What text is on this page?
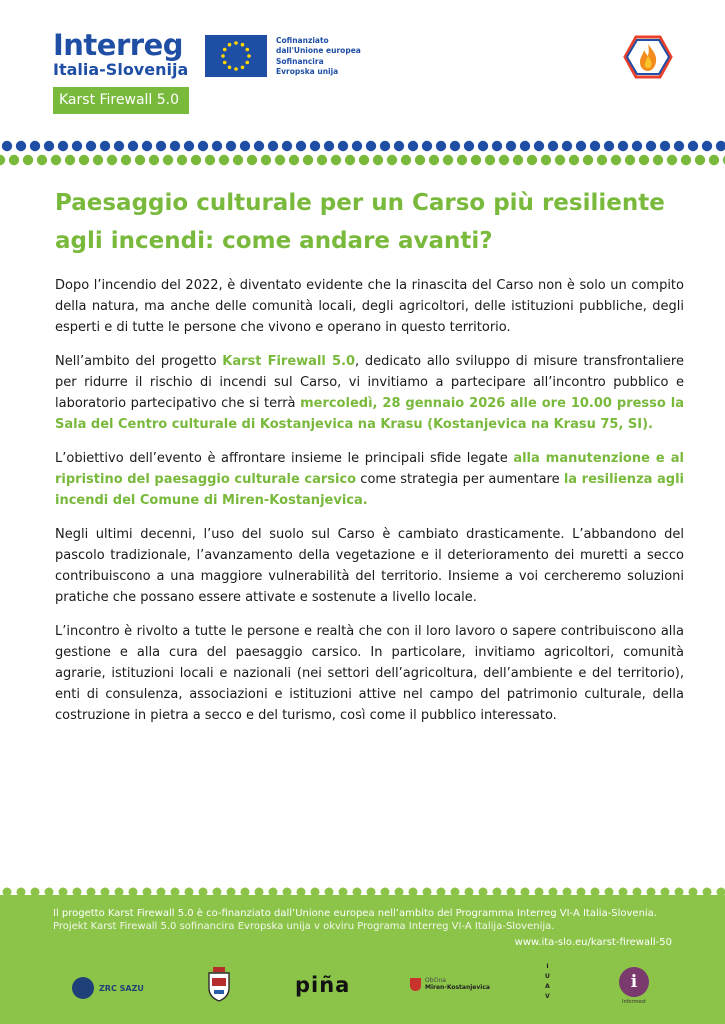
Interreg
Italia-Slovenija
Cofinanziato
dall'Unione europea
Sofinancira
Evropska unija
Karst Firewall 5.0
Paesaggio culturale per un Carso più resiliente agli incendi: come andare avanti?

Dopo l’incendio del 2022, è diventato evidente che la rinascita del Carso non è solo un compito della natura, ma anche delle comunità locali, degli agricoltori, delle istituzioni pubbliche, degli esperti e di tutte le persone che vivono e operano in questo territorio.

Nell’ambito del progetto Karst Firewall 5.0, dedicato allo sviluppo di misure transfrontaliere per ridurre il rischio di incendi sul Carso, vi invitiamo a partecipare all’incontro pubblico e laboratorio partecipativo che si terrà mercoledì, 28 gennaio 2026 alle ore 10.00 presso la Sala del Centro culturale di Kostanjevica na Krasu (Kostanjevica na Krasu 75, SI).

L’obiettivo dell’evento è affrontare insieme le principali sfide legate alla manutenzione e al ripristino del paesaggio culturale carsico come strategia per aumentare la resilienza agli incendi del Comune di Miren-Kostanjevica.

Negli ultimi decenni, l’uso del suolo sul Carso è cambiato drasticamente. L’abbandono del pascolo tradizionale, l’avanzamento della vegetazione e il deterioramento dei muretti a secco contribuiscono a una maggiore vulnerabilità del territorio. Insieme a voi cercheremo soluzioni pratiche che possano essere attivate e sostenute a livello locale.

L’incontro è rivolto a tutte le persone e realtà che con il loro lavoro o sapere contribuiscono alla gestione e alla cura del paesaggio carsico. In particolare, invitiamo agricoltori, comunità agrarie, istituzioni locali e nazionali (nei settori dell’agricoltura, dell’ambiente e del territorio), enti di consulenza, associazioni e istituzioni attive nel campo del patrimonio culturale, della costruzione in pietra a secco e del turismo, così come il pubblico interessato.

Il progetto Karst Firewall 5.0 è co-finanziato dall’Unione europea nell’ambito del Programma Interreg VI-A Italia-Slovenia.
Projekt Karst Firewall 5.0 sofinancira Evropska unija v okviru Programa Interreg VI-A Italija-Slovenija.
www.ita-slo.eu/karst-firewall-50
ZRC SAZU	piña	Občina
Miren-Kostanjevica
I
U
A
V
i
Informest
